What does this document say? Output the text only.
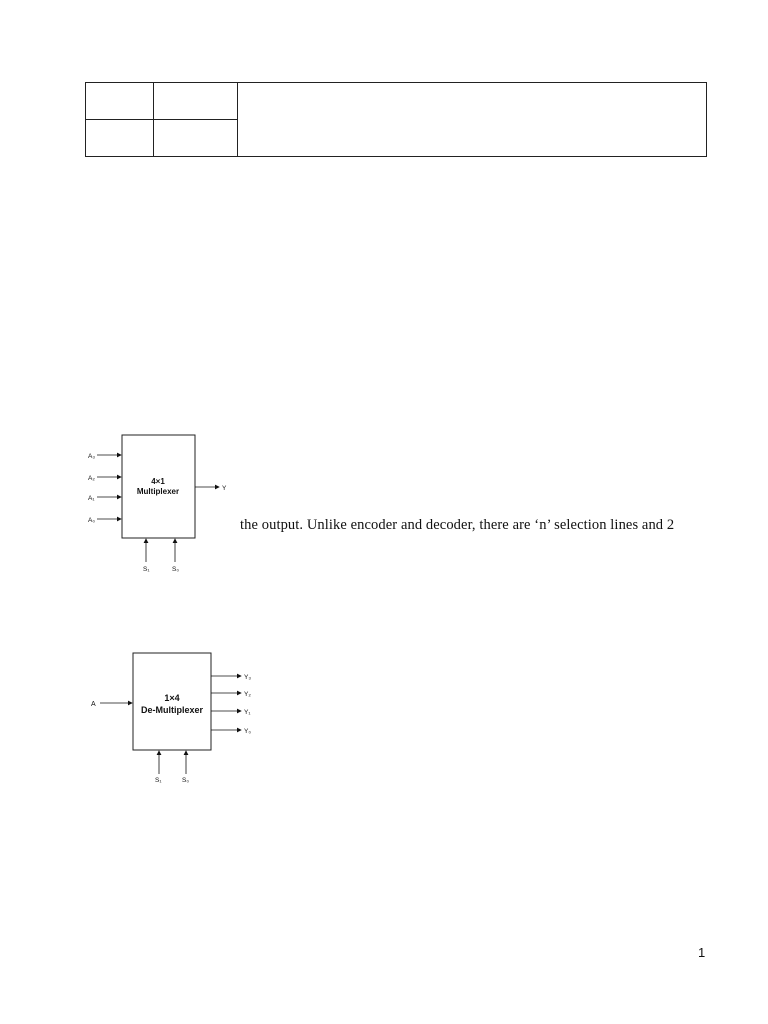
4×1
Multiplexer
A₃
A₂
A₁
A₀
Y
S₁	S₀
the output. Unlike encoder and decoder, there are ‘n’ selection lines and 2
1×4
De-Multiplexer
A
Y₃
Y₂
Y₁
Y₀
S₁	S₀
1
